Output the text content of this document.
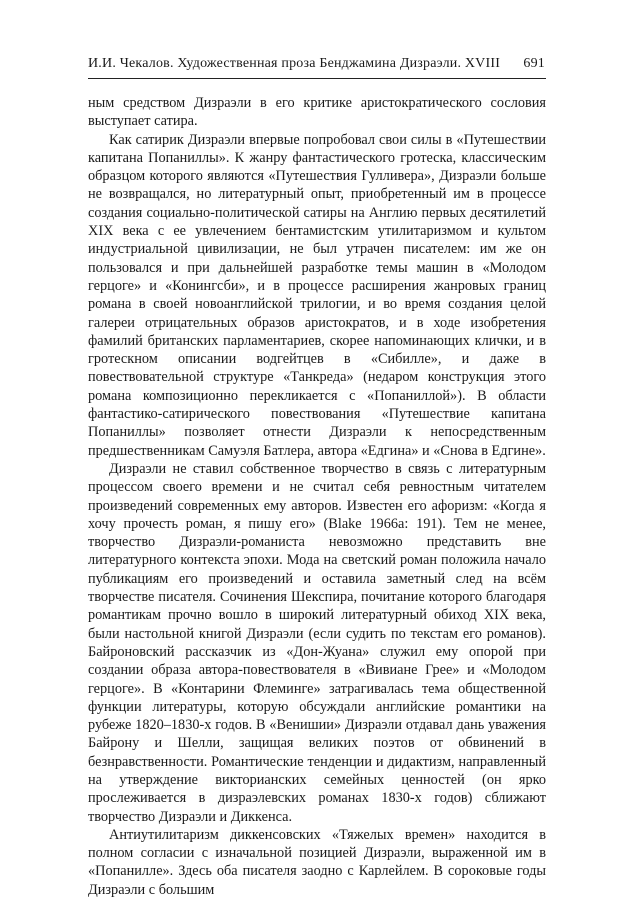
И.И. Чекалов. Художественная проза Бенджамина Дизраэли. XVIII 691

ным средством Дизраэли в его критике аристократического сословия выступает сатира.

Как сатирик Дизраэли впервые попробовал свои силы в «Путешествии капитана Попаниллы». К жанру фантастического гротеска, классическим образцом которого являются «Путешествия Гулливера», Дизраэли больше не возвращался, но литературный опыт, приобретенный им в процессе создания социально-политической сатиры на Англию первых десятилетий XIX века с ее увлечением бентамистским утилитаризмом и культом индустриальной цивилизации, не был утрачен писателем: им же он пользовался и при дальнейшей разработке темы машин в «Молодом герцоге» и «Конингсби», и в процессе расширения жанровых границ романа в своей новоанглийской трилогии, и во время создания целой галереи отрицательных образов аристократов, и в ходе изобретения фамилий британских парламентариев, скорее напоминающих клички, и в гротескном описании водгейтцев в «Сибилле», и даже в повествовательной структуре «Танкреда» (недаром конструкция этого романа композиционно перекликается с «Попаниллой»). В области фантастико-сатирического повествования «Путешествие капитана Попаниллы» позволяет отнести Дизраэли к непосредственным предшественникам Самуэля Батлера, автора «Едгина» и «Снова в Едгине».

Дизраэли не ставил собственное творчество в связь с литературным процессом своего времени и не считал себя ревностным читателем произведений современных ему авторов. Известен его афоризм: «Когда я хочу прочесть роман, я пишу его» (Blake 1966a: 191). Тем не менее, творчество Дизраэли-романиста невозможно представить вне литературного контекста эпохи. Мода на светский роман положила начало публикациям его произведений и оставила заметный след на всём творчестве писателя. Сочинения Шекспира, почитание которого благодаря романтикам прочно вошло в широкий литературный обиход XIX века, были настольной книгой Дизраэли (если судить по текстам его романов). Байроновский рассказчик из «Дон-Жуана» служил ему опорой при создании образа автора-повествователя в «Вивиане Грее» и «Молодом герцоге». В «Контарини Флеминге» затрагивалась тема общественной функции литературы, которую обсуждали английские романтики на рубеже 1820–1830-х годов. В «Венишии» Дизраэли отдавал дань уважения Байрону и Шелли, защищая великих поэтов от обвинений в безнравственности. Романтические тенденции и дидактизм, направленный на утверждение викторианских семейных ценностей (он ярко прослеживается в дизраэлевских романах 1830-х годов) сближают творчество Дизраэли и Диккенса.

Антиутилитаризм диккенсовских «Тяжелых времен» находится в полном согласии с изначальной позицией Дизраэли, выраженной им в «Попанилле». Здесь оба писателя заодно с Карлейлем. В сороковые годы Дизраэли с большим
